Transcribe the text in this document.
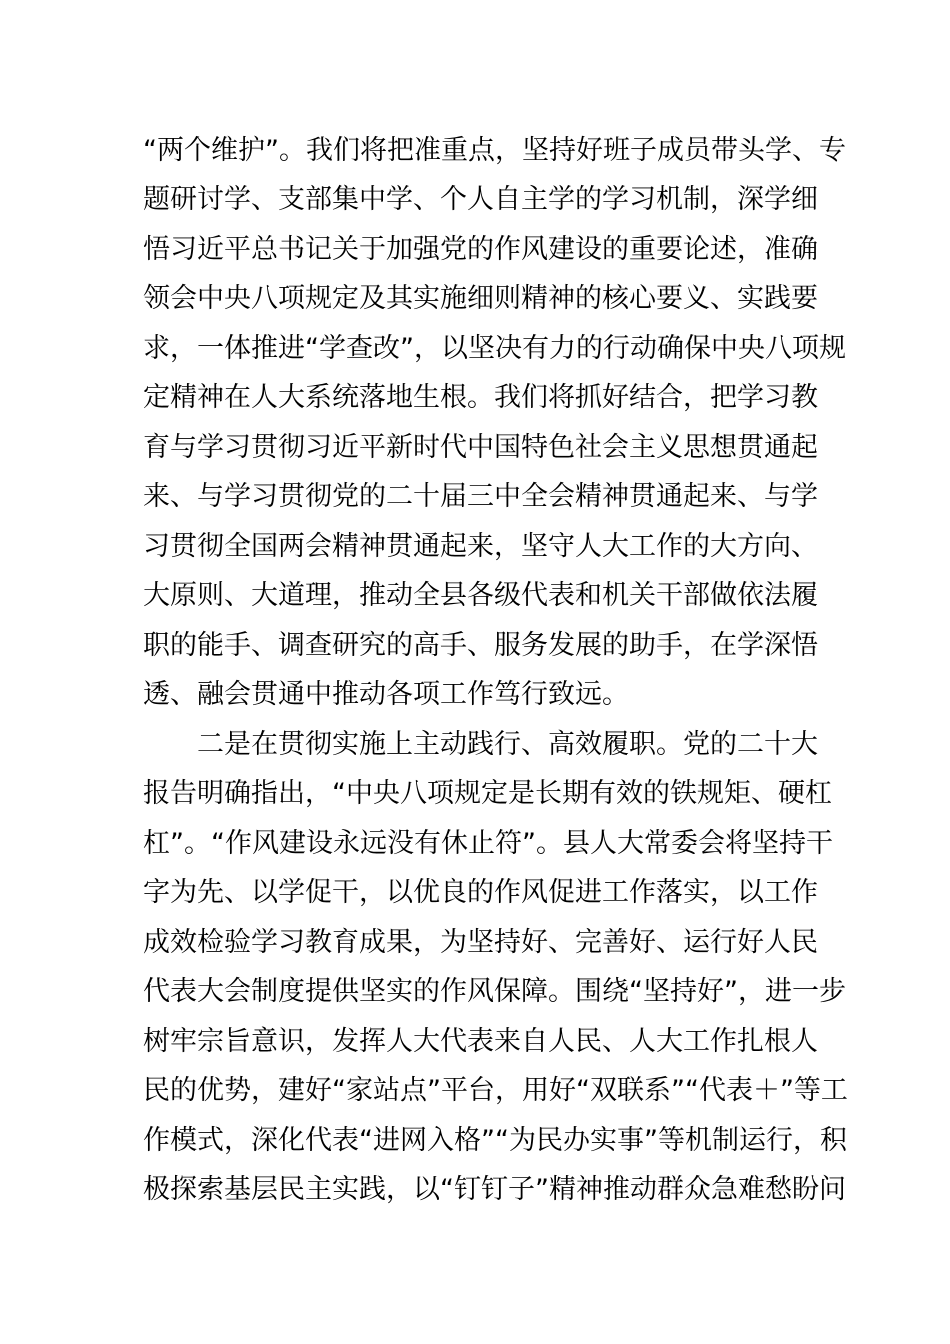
“两个维护”。我们将把准重点，坚持好班子成员带头学、专
题研讨学、支部集中学、个人自主学的学习机制，深学细
悟习近平总书记关于加强党的作风建设的重要论述，准确
领会中央八项规定及其实施细则精神的核心要义、实践要
求，一体推进“学查改”，以坚决有力的行动确保中央八项规
定精神在人大系统落地生根。我们将抓好结合，把学习教
育与学习贯彻习近平新时代中国特色社会主义思想贯通起
来、与学习贯彻党的二十届三中全会精神贯通起来、与学
习贯彻全国两会精神贯通起来，坚守人大工作的大方向、
大原则、大道理，推动全县各级代表和机关干部做依法履
职的能手、调查研究的高手、服务发展的助手，在学深悟
透、融会贯通中推动各项工作笃行致远。
二是在贯彻实施上主动践行、高效履职。党的二十大
报告明确指出，“中央八项规定是长期有效的铁规矩、硬杠
杠”。“作风建设永远没有休止符”。县人大常委会将坚持干
字为先、以学促干，以优良的作风促进工作落实，以工作
成效检验学习教育成果，为坚持好、完善好、运行好人民
代表大会制度提供坚实的作风保障。围绕“坚持好”，进一步
树牢宗旨意识，发挥人大代表来自人民、人大工作扎根人
民的优势，建好“家站点”平台，用好“双联系”“代表＋”等工
作模式，深化代表“进网入格”“为民办实事”等机制运行，积
极探索基层民主实践，以“钉钉子”精神推动群众急难愁盼问
